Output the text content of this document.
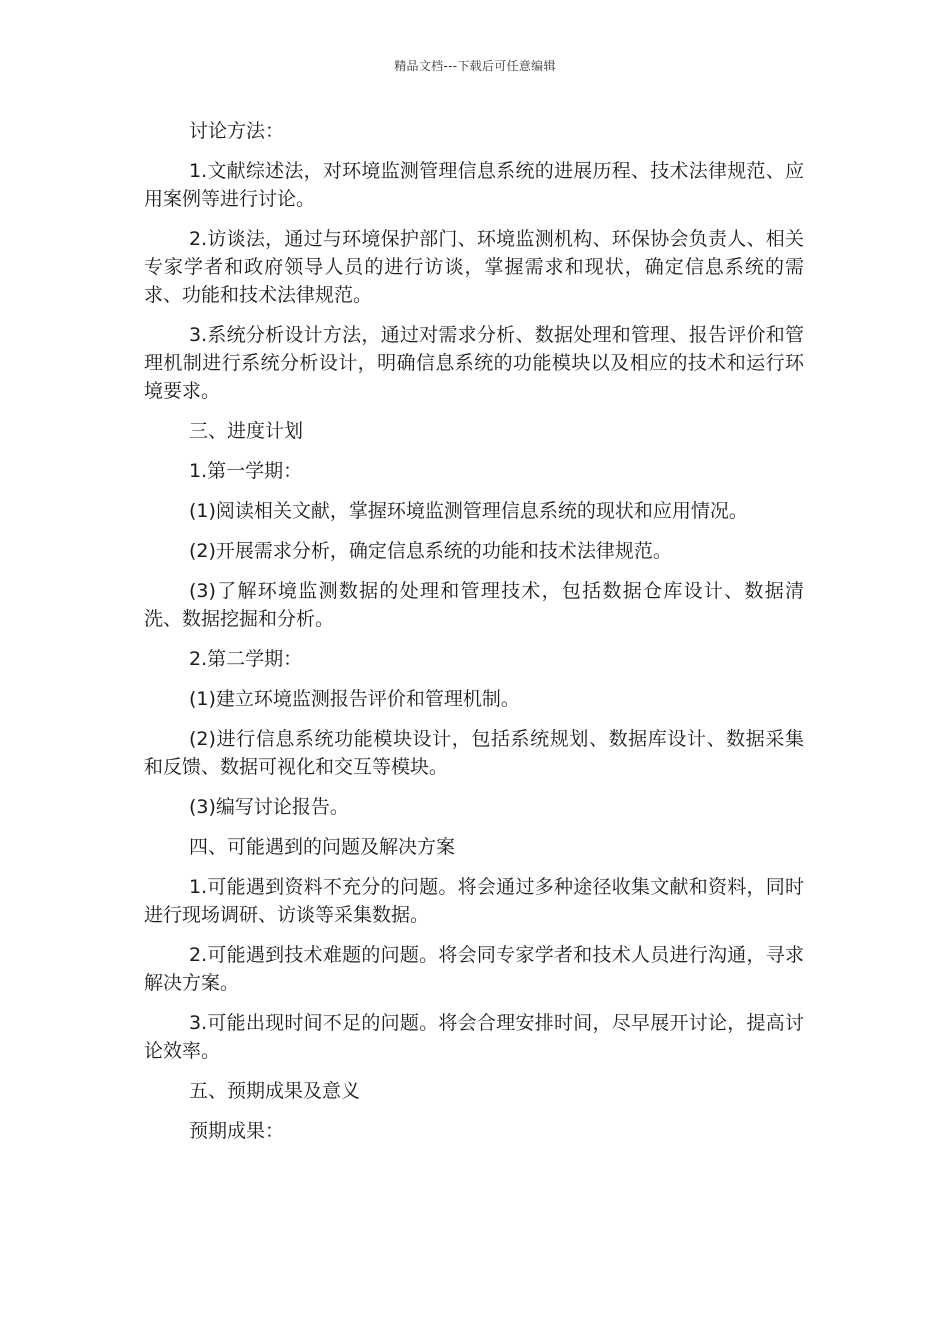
精品文档---下载后可任意编辑

讨论方法：

1.文献综述法，对环境监测管理信息系统的进展历程、技术法律规范、应用案例等进行讨论。

2.访谈法，通过与环境保护部门、环境监测机构、环保协会负责人、相关专家学者和政府领导人员的进行访谈，掌握需求和现状，确定信息系统的需求、功能和技术法律规范。

3.系统分析设计方法，通过对需求分析、数据处理和管理、报告评价和管理机制进行系统分析设计，明确信息系统的功能模块以及相应的技术和运行环境要求。

三、进度计划

1.第一学期：

(1)阅读相关文献，掌握环境监测管理信息系统的现状和应用情况。

(2)开展需求分析，确定信息系统的功能和技术法律规范。

(3)了解环境监测数据的处理和管理技术，包括数据仓库设计、数据清洗、数据挖掘和分析。

2.第二学期：

(1)建立环境监测报告评价和管理机制。

(2)进行信息系统功能模块设计，包括系统规划、数据库设计、数据采集和反馈、数据可视化和交互等模块。

(3)编写讨论报告。

四、可能遇到的问题及解决方案

1.可能遇到资料不充分的问题。将会通过多种途径收集文献和资料，同时进行现场调研、访谈等采集数据。

2.可能遇到技术难题的问题。将会同专家学者和技术人员进行沟通，寻求解决方案。

3.可能出现时间不足的问题。将会合理安排时间，尽早展开讨论，提高讨论效率。

五、预期成果及意义

预期成果：
